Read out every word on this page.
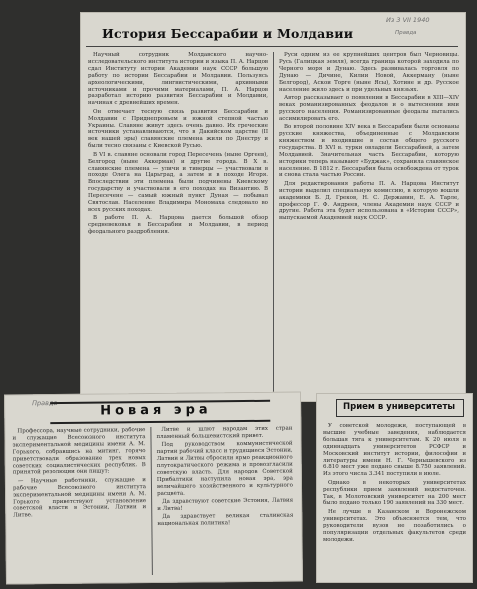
Из 3 VII 1940
Правда
История Бессарабии и Молдавии

Научный сотрудник Молдавского научно-исследовательского института истории и языка П. А. Нарцов сдал Институту истории Академии наук СССР большую работу по истории Бессарабии и Молдавии. Пользуясь археологическими, лингвистическими, архивными источниками и прочими материалами, П. А. Нарцов разработал историю развития Бессарабии и Молдавии, начиная с древнейших времен.

Он отмечает тесную связь развития Бессарабии и Молдавии с Приднепровьем и южной степной частью Украины. Славяне живут здесь очень давно. Их греческие источники устанавливаются, что в Дакийском царстве (II век нашей эры) славянские племена жили по Днестру и были тесно связаны с Киевской Русью.

В VI в. славяне основали город Пересечень (ныне Оргеев), Белгород (ныне Аккерман) и другие города. В X в. славянские племена — уличи и тиверцы — участвовали в походе Олега на Царьград, а затем и в походе Игоря. Впоследствии эти племена были подчинены Киевскому государству и участвовали в его походах на Византию. В Пересечене — самый южный пункт Дуная — побывал Святослав. Население Владимира Мономаха следовало во всех русских походах.

В работе П. А. Нарцова дается большой обзор средневековья в Бессарабии и Молдавии, в период феодального раздробления.

Руси одним из ее крупнейших центров был Черновицы. Русь (Галицкая земля), всегда граница которой заходила по Черного моря и Дунаю. Здесь развивалась торговля по Дунаю — Дичине, Килии Новой, Аккерману (ныне Белгород), Аскои Торге (ныне Ясы), Хотине и др. Русское население жило здесь и при удельных князьях.

Автор рассказывает о появлении в Бессарабии в XIII—XIV веках романизированных феодалов и о вытеснении ими русского населения. Романизированные феодалы пытались ассимилировать его.

Во второй половине XIV века в Бессарабии были основаны русские княжества, объединенные с Молдавским княжеством и входившие в состав общего русского государства. В XVI в. турки овладели Бессарабией, а затем Молдавией. Значительная часть Бессарабии, которую историки теперь называют «Буджак», сохранила славянское население. В 1812 г. Бессарабия была освобождена от турок и снова стала частью России.

Для редактирования работы П. А. Нарцова Институт истории выделил специальную комиссию, в которую вошли академики Б. Д. Греков, Н. С. Державин, Е. А. Тарле, профессор Г. Ф. Андреев, члены Академии наук СССР и другие. Работа эта будет использована в «Истории СССР», выпускаемой Академией наук СССР.

Правда	Новая эра

Профессора, научные сотрудники, рабочие и служащие Всесоюзного института экспериментальной медицины имени А. М. Горького, собравшись на митинг, горячо приветствовали образование трех новых советских социалистических республик. В принятой резолюции они пишут:

— Научные работники, служащие и рабочие Всесоюзного института экспериментальной медицины имени А. М. Горького приветствуют установление советской власти в Эстонии, Латвии и Литве.

Литве и шлют народам этих стран пламенный большевистский привет.

Под руководством коммунистической партии рабочий класс и трудящиеся Эстонии, Латвии и Литвы сбросили ярмо реакционного плутократического режима и провозгласили советскую власть. Для народов Советской Прибалтики наступила новая эра, эра величайшего хозяйственного и культурного расцвета.

Да здравствуют советские Эстония, Латвия и Литва!

Да здравствует великая сталинская национальная политика!

Прием в университеты

У советской молодежи, поступающей в высшие учебные заведения, наблюдается большая тяга к университетам. К 20 июля в одиннадцать университетов РСФСР и Московский институт истории, философии и литературы имени Н. Г. Чернышевского из 6.810 мест уже подано свыше 8.750 заявлений. Из этого числа 3.341 поступили в июле.

Однако в некоторых университетах республики прием заявлений недостаточен. Так, в Молотовский университет на 200 мест было подано только 190 заявлений на 330 мест.

Не лучше в Казанском и Воронежском университетах. Это объясняется тем, что руководители вузов не позаботились о популяризации отдельных факультетов среди молодежи.
